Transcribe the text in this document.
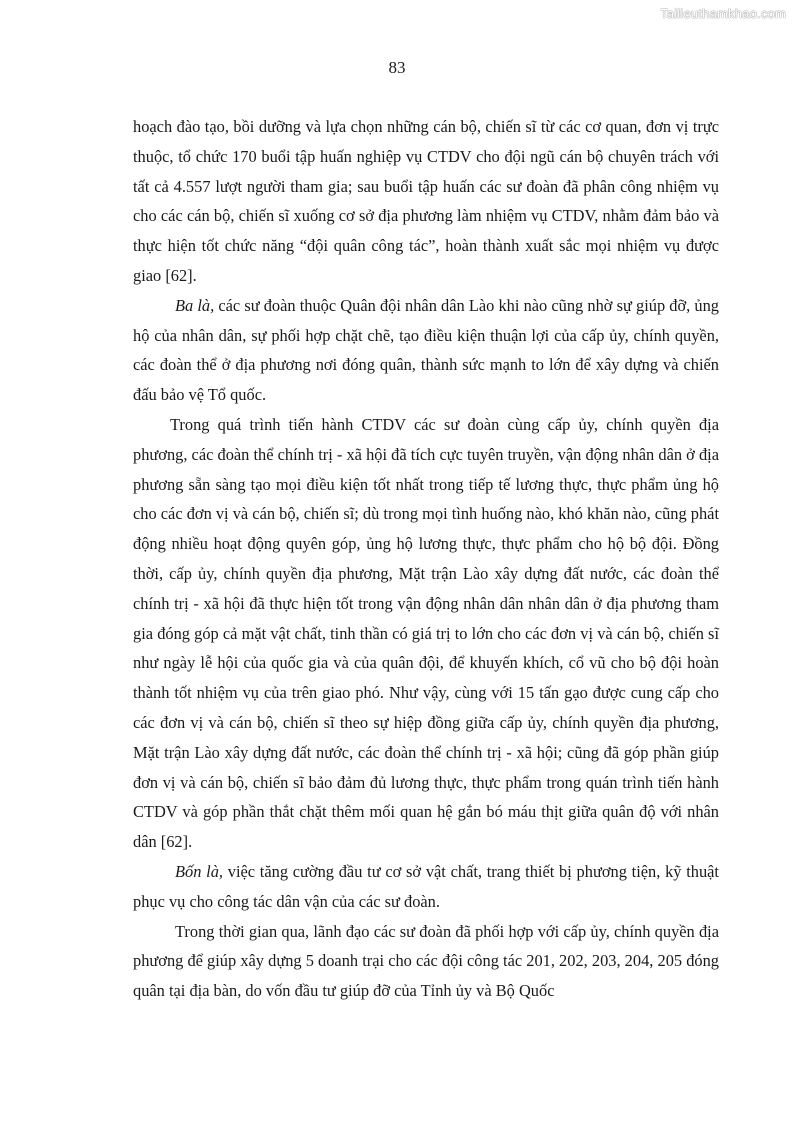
Tailieuthamkhao.com
83

hoạch đào tạo, bồi dưỡng và lựa chọn những cán bộ, chiến sĩ từ các cơ quan, đơn vị trực thuộc, tổ chức 170 buổi tập huấn nghiệp vụ CTDV cho đội ngũ cán bộ chuyên trách với tất cả 4.557 lượt người tham gia; sau buổi tập huấn các sư đoàn đã phân công nhiệm vụ cho các cán bộ, chiến sĩ xuống cơ sở địa phương làm nhiệm vụ CTDV, nhằm đảm bảo và thực hiện tốt chức năng “đội quân công tác”, hoàn thành xuất sắc mọi nhiệm vụ được giao [62].

Ba là, các sư đoàn thuộc Quân đội nhân dân Lào khi nào cũng nhờ sự giúp đỡ, ủng hộ của nhân dân, sự phối hợp chặt chẽ, tạo điều kiện thuận lợi của cấp ủy, chính quyền, các đoàn thể ở địa phương nơi đóng quân, thành sức mạnh to lớn để xây dựng và chiến đấu bảo vệ Tổ quốc.

Trong quá trình tiến hành CTDV các sư đoàn cùng cấp ủy, chính quyền địa phương, các đoàn thể chính trị - xã hội đã tích cực tuyên truyền, vận động nhân dân ở địa phương sẵn sàng tạo mọi điều kiện tốt nhất trong tiếp tế lương thực, thực phẩm ủng hộ cho các đơn vị và cán bộ, chiến sĩ; dù trong mọi tình huống nào, khó khăn nào, cũng phát động nhiều hoạt động quyên góp, ủng hộ lương thực, thực phẩm cho hộ bộ đội. Đồng thời, cấp ủy, chính quyền địa phương, Mặt trận Lào xây dựng đất nước, các đoàn thể chính trị - xã hội đã thực hiện tốt trong vận động nhân dân nhân dân ở địa phương tham gia đóng góp cả mặt vật chất, tinh thần có giá trị to lớn cho các đơn vị và cán bộ, chiến sĩ như ngày lễ hội của quốc gia và của quân đội, để khuyến khích, cổ vũ cho bộ đội hoàn thành tốt nhiệm vụ của trên giao phó. Như vậy, cùng với 15 tấn gạo được cung cấp cho các đơn vị và cán bộ, chiến sĩ theo sự hiệp đồng giữa cấp ủy, chính quyền địa phương, Mặt trận Lào xây dựng đất nước, các đoàn thể chính trị - xã hội; cũng đã góp phần giúp đơn vị và cán bộ, chiến sĩ bảo đảm đủ lương thực, thực phẩm trong quán trình tiến hành CTDV và góp phần thắt chặt thêm mối quan hệ gắn bó máu thịt giữa quân độ với nhân dân [62].

Bốn là, việc tăng cường đầu tư cơ sở vật chất, trang thiết bị phương tiện, kỹ thuật phục vụ cho công tác dân vận của các sư đoàn.

Trong thời gian qua, lãnh đạo các sư đoàn đã phối hợp với cấp ủy, chính quyền địa phương để giúp xây dựng 5 doanh trại cho các đội công tác 201, 202, 203, 204, 205 đóng quân tại địa bàn, do vốn đầu tư giúp đỡ của Tỉnh ủy và Bộ Quốc
